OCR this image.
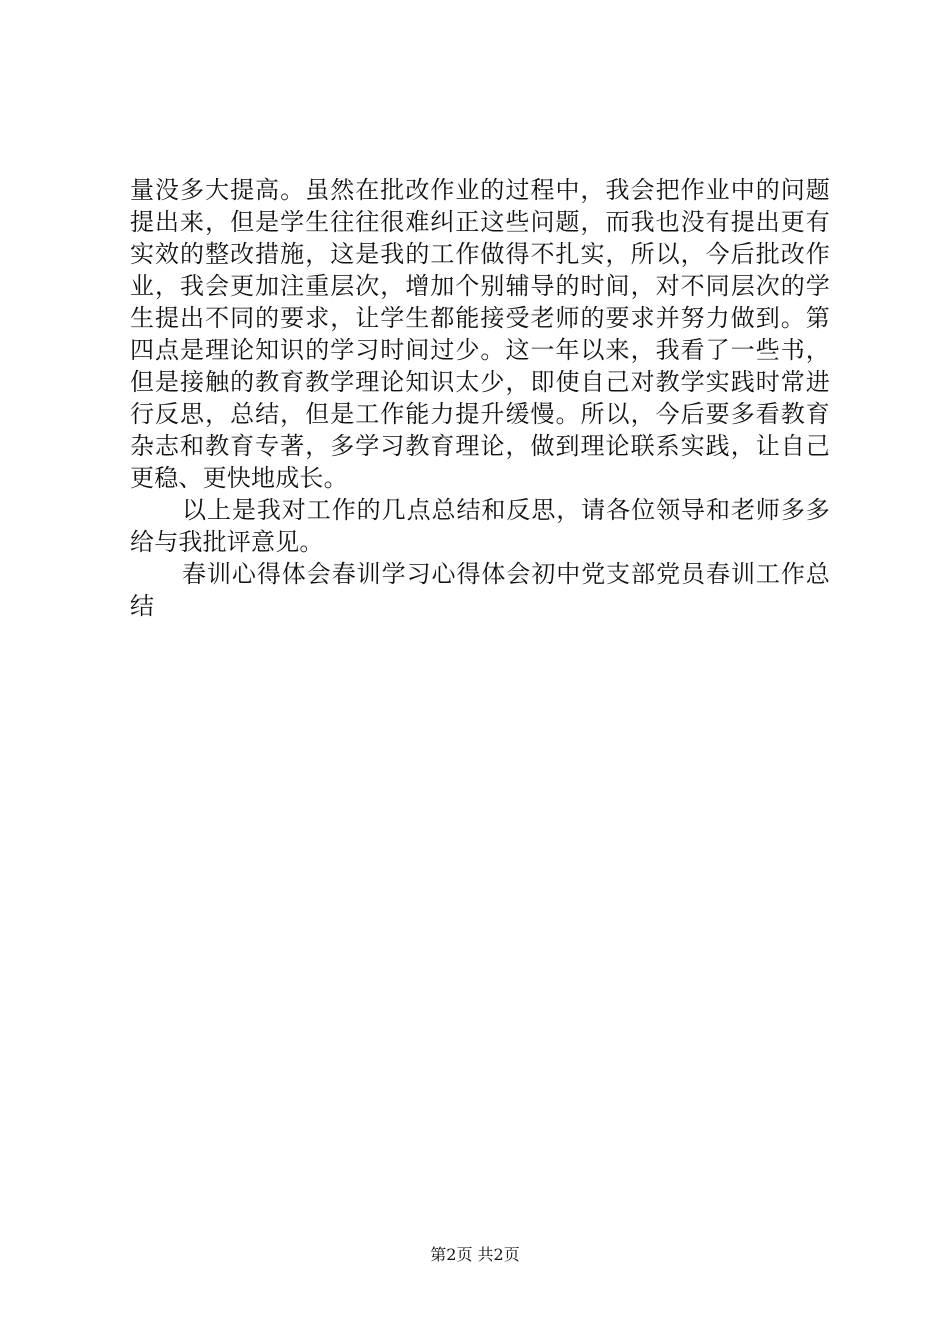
量没多大提高。虽然在批改作业的过程中，我会把作业中的问题提出来，但是学生往往很难纠正这些问题，而我也没有提出更有实效的整改措施，这是我的工作做得不扎实，所以，今后批改作业，我会更加注重层次，增加个别辅导的时间，对不同层次的学生提出不同的要求，让学生都能接受老师的要求并努力做到。第四点是理论知识的学习时间过少。这一年以来，我看了一些书，但是接触的教育教学理论知识太少，即使自己对教学实践时常进行反思，总结，但是工作能力提升缓慢。所以，今后要多看教育杂志和教育专著，多学习教育理论，做到理论联系实践，让自己更稳、更快地成长。

以上是我对工作的几点总结和反思，请各位领导和老师多多给与我批评意见。

春训心得体会春训学习心得体会初中党支部党员春训工作总结

第2页 共2页
